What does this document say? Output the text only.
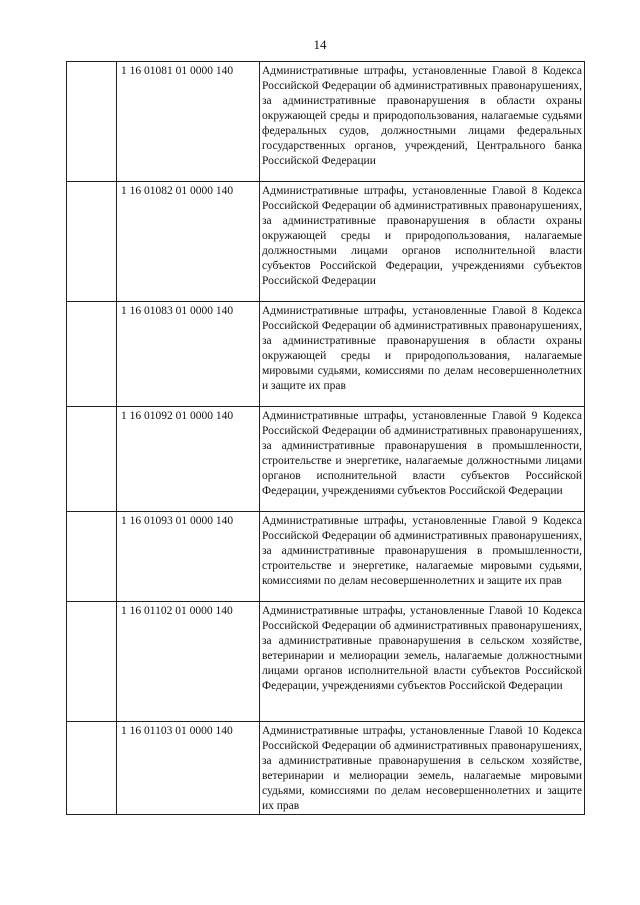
14
	1 16 01081 01 0000 140	Административные штрафы, установленные Главой 8 Кодекса Российской Федерации об административных правонарушениях, за административные правонарушения в области охраны окружающей среды и природопользования, налагаемые судьями федеральных судов, должностными лицами федеральных государственных органов, учреждений, Центрального банка Российской Федерации
	1 16 01082 01 0000 140	Административные штрафы, установленные Главой 8 Кодекса Российской Федерации об административных правонарушениях, за административные правонарушения в области охраны окружающей среды и природопользования, налагаемые должностными лицами органов исполнительной власти субъектов Российской Федерации, учреждениями субъектов Российской Федерации
	1 16 01083 01 0000 140	Административные штрафы, установленные Главой 8 Кодекса Российской Федерации об административных правонарушениях, за административные правонарушения в области охраны окружающей среды и природопользования, налагаемые мировыми судьями, комиссиями по делам несовершеннолетних и защите их прав
	1 16 01092 01 0000 140	Административные штрафы, установленные Главой 9 Кодекса Российской Федерации об административных правонарушениях, за административные правонарушения в промышленности, строительстве и энергетике, налагаемые должностными лицами органов исполнительной власти субъектов Российской Федерации, учреждениями субъектов Российской Федерации
	1 16 01093 01 0000 140	Административные штрафы, установленные Главой 9 Кодекса Российской Федерации об административных правонарушениях, за административные правонарушения в промышленности, строительстве и энергетике, налагаемые мировыми судьями, комиссиями по делам несовершеннолетних и защите их прав
	1 16 01102 01 0000 140	Административные штрафы, установленные Главой 10 Кодекса Российской Федерации об административных правонарушениях, за административные правонарушения в сельском хозяйстве, ветеринарии и мелиорации земель, налагаемые должностными лицами органов исполнительной власти субъектов Российской Федерации, учреждениями субъектов Российской Федерации
	1 16 01103 01 0000 140	Административные штрафы, установленные Главой 10 Кодекса Российской Федерации об административных правонарушениях, за административные правонарушения в сельском хозяйстве, ветеринарии и мелиорации земель, налагаемые мировыми судьями, комиссиями по делам несовершеннолетних и защите их прав
